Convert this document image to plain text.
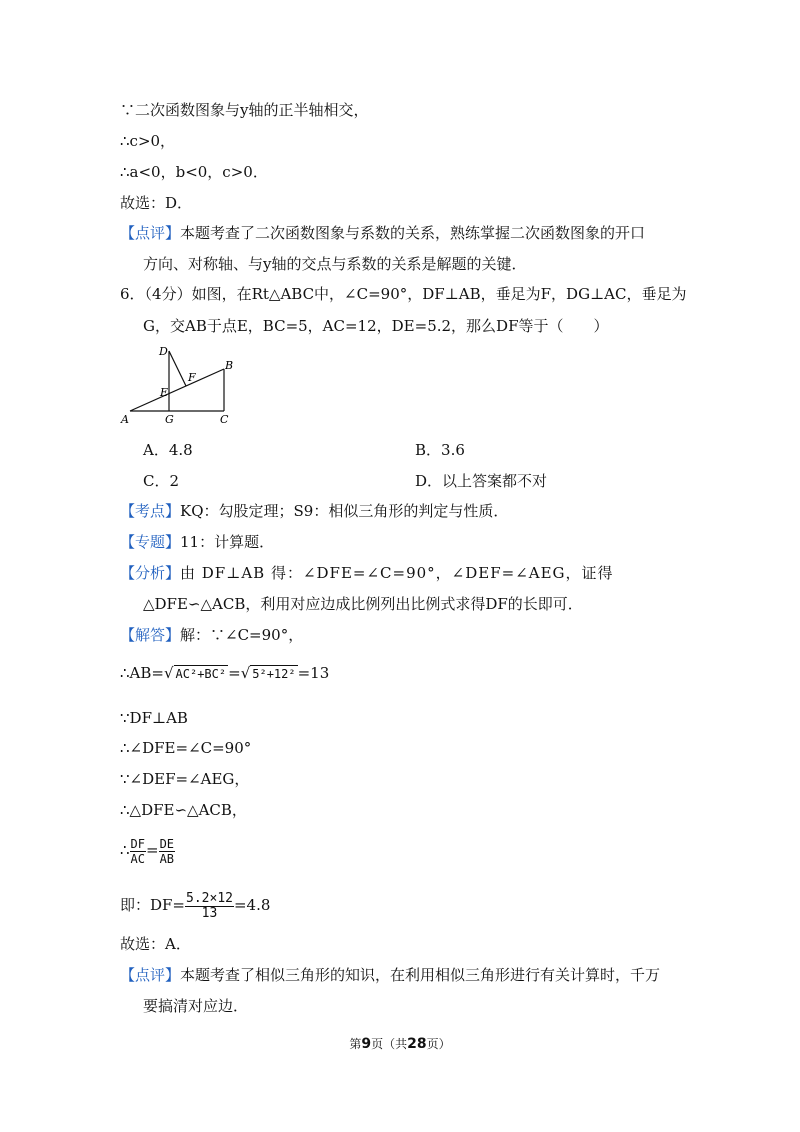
∵二次函数图象与y轴的正半轴相交，
∴c>0，
∴a<0，b<0，c>0．
故选：D．
【点评】本题考查了二次函数图象与系数的关系，熟练掌握二次函数图象的开口
方向、对称轴、与y轴的交点与系数的关系是解题的关键．
6．（4分）如图，在Rt△ABC中，∠C=90°，DF⊥AB，垂足为F，DG⊥AC，垂足为
G，交AB于点E，BC=5，AC=12，DE=5.2，那么DF等于（　　）
D
B
F
E
A	G	C
A．4.8	B．3.6
C．2	D．以上答案都不对
【考点】KQ：勾股定理；S9：相似三角形的判定与性质．
【专题】11：计算题．
【分析】由 DF⊥AB 得：∠DFE=∠C=90°，∠DEF=∠AEG，证得
△DFE∽△ACB，利用对应边成比例列出比例式求得DF的长即可．
【解答】解：∵∠C=90°，
∴AB=√ AC²+BC² =√ 5²+12² =13
∵DF⊥AB
∴∠DFE=∠C=90°
∵∠DEF=∠AEG，
∴△DFE∽△ACB，
∴ $\frac{DF}{AC} = \frac{DE}{AB}$
即：$DF= \frac{5.2\times 12}{13} =4.8$
故选：A．
【点评】本题考查了相似三角形的知识，在利用相似三角形进行有关计算时，千万
要搞清对应边．
第9页（共28页）
